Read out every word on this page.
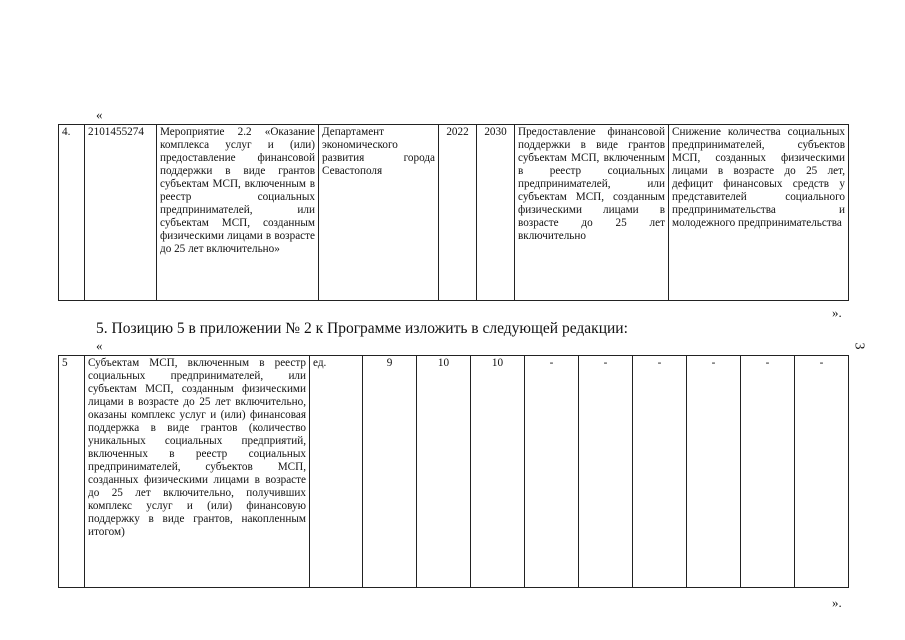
«
4.	2101455274	Мероприятие 2.2 «Оказание комплекса услуг и (или) предоставление финансовой поддержки в виде грантов субъектам МСП, включенным в реестр социальных предпринимателей, или субъектам МСП, созданным физическими лицами в возрасте до 25 лет включительно»	Департамент экономического развития города Севастополя	2022	2030	Предоставление финансовой поддержки в виде грантов субъектам МСП, включенным в реестр социальных предпринимателей, или субъектам МСП, созданным физическими лицами в возрасте до 25 лет включительно	Снижение количества социальных предпринимателей, субъектов МСП, созданных физическими лицами в возрасте до 25 лет, дефицит финансовых средств у представителей социального предпринимательства и молодежного предпринимательства
».
5. Позицию 5 в приложении № 2 к Программе изложить в следующей редакции:
«
5	Субъектам МСП, включенным в реестр социальных предпринимателей, или субъектам МСП, созданным физическими лицами в возрасте до 25 лет включительно, оказаны комплекс услуг и (или) финансовая поддержка в виде грантов (количество уникальных социальных предприятий, включенных в реестр социальных предпринимателей, субъектов МСП, созданных физическими лицами в возрасте до 25 лет включительно, получивших комплекс услуг и (или) финансовую поддержку в виде грантов, накопленным итогом)	ед.	9	10	10	-	-	-	-	-	-
».
3
